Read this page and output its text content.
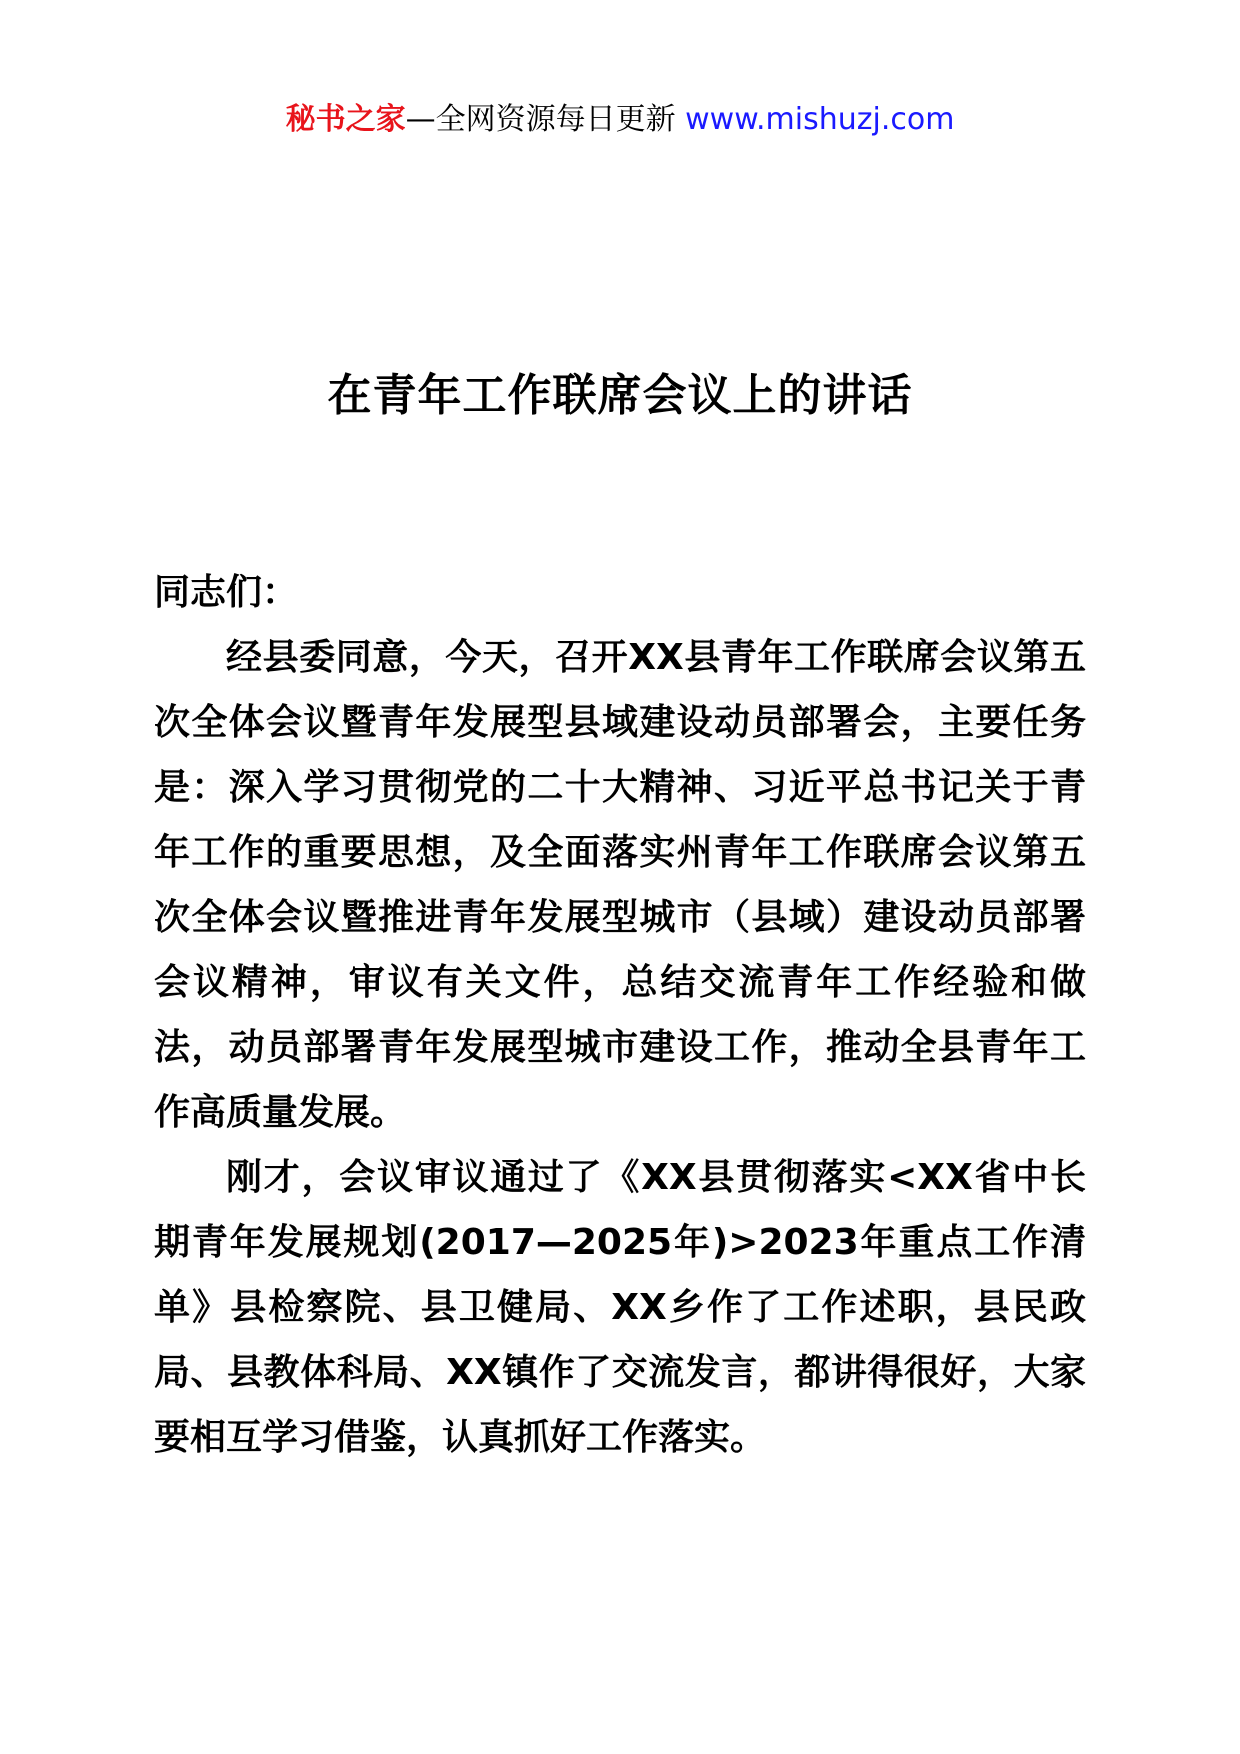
秘书之家—全网资源每日更新 www.mishuzj.com
在青年工作联席会议上的讲话

同志们：

经县委同意，今天，召开XX县青年工作联席会议第五次全体会议暨青年发展型县域建设动员部署会，主要任务是：深入学习贯彻党的二十大精神、习近平总书记关于青年工作的重要思想，及全面落实州青年工作联席会议第五次全体会议暨推进青年发展型城市（县域）建设动员部署会议精神，审议有关文件，总结交流青年工作经验和做法，动员部署青年发展型城市建设工作，推动全县青年工作高质量发展。

刚才，会议审议通过了《XX县贯彻落实<XX省中长期青年发展规划(2017—2025年)>2023年重点工作清单》县检察院、县卫健局、XX乡作了工作述职，县民政局、县教体科局、XX镇作了交流发言，都讲得很好，大家要相互学习借鉴，认真抓好工作落实。
